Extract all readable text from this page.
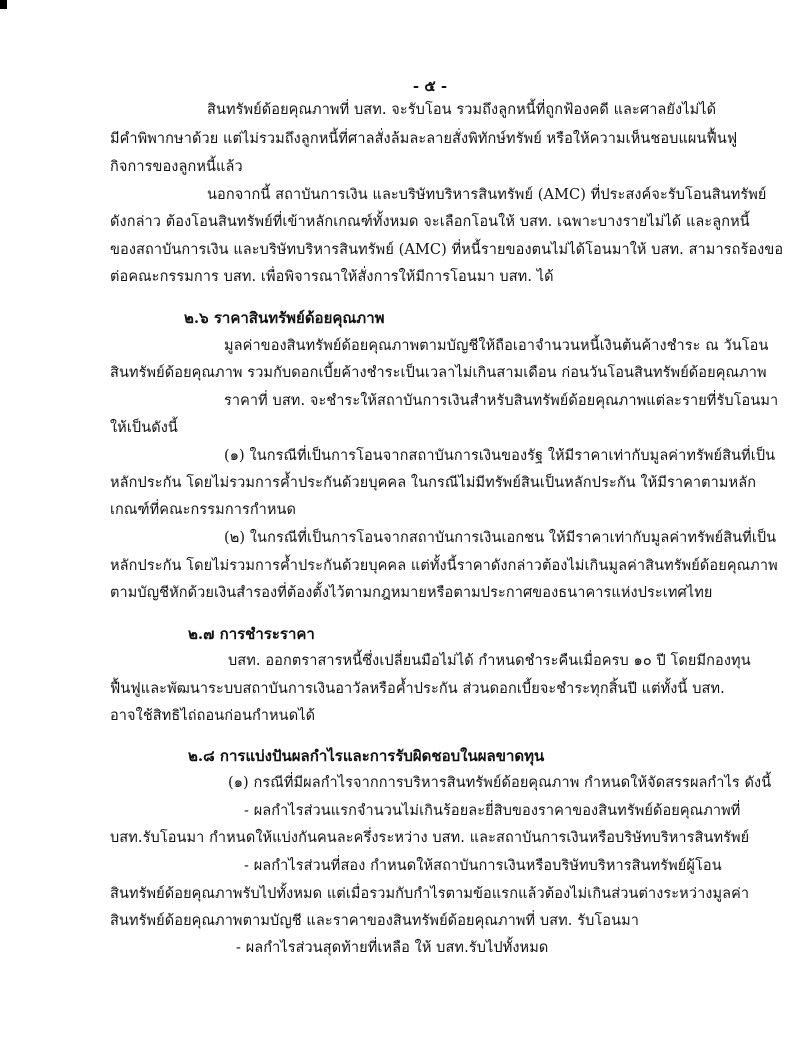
- ๕ -
สินทรัพย์ด้อยคุณภาพที่ บสท. จะรับโอน รวมถึงลูกหนี้ที่ถูกฟ้องคดี และศาลยังไม่ได้
มีคำพิพากษาด้วย แต่ไม่รวมถึงลูกหนี้ที่ศาลสั่งล้มละลายสั่งพิทักษ์ทรัพย์ หรือให้ความเห็นชอบแผนฟื้นฟู
กิจการของลูกหนี้แล้ว
นอกจากนี้ สถาบันการเงิน และบริษัทบริหารสินทรัพย์ (AMC) ที่ประสงค์จะรับโอนสินทรัพย์
ดังกล่าว ต้องโอนสินทรัพย์ที่เข้าหลักเกณฑ์ทั้งหมด จะเลือกโอนให้ บสท. เฉพาะบางรายไม่ได้ และลูกหนี้
ของสถาบันการเงิน และบริษัทบริหารสินทรัพย์ (AMC) ที่หนี้รายของตนไม่ได้โอนมาให้ บสท. สามารถร้องขอ
ต่อคณะกรรมการ บสท. เพื่อพิจารณาให้สั่งการให้มีการโอนมา บสท. ได้
๒.๖ ราคาสินทรัพย์ด้อยคุณภาพ
มูลค่าของสินทรัพย์ด้อยคุณภาพตามบัญชีให้ถือเอาจำนวนหนี้เงินต้นค้างชำระ ณ วันโอน
สินทรัพย์ด้อยคุณภาพ รวมกับดอกเบี้ยค้างชำระเป็นเวลาไม่เกินสามเดือน ก่อนวันโอนสินทรัพย์ด้อยคุณภาพ
ราคาที่ บสท. จะชำระให้สถาบันการเงินสำหรับสินทรัพย์ด้อยคุณภาพแต่ละรายที่รับโอนมา
ให้เป็นดังนี้
(๑) ในกรณีที่เป็นการโอนจากสถาบันการเงินของรัฐ ให้มีราคาเท่ากับมูลค่าทรัพย์สินที่เป็น
หลักประกัน โดยไม่รวมการค้ำประกันด้วยบุคคล ในกรณีไม่มีทรัพย์สินเป็นหลักประกัน ให้มีราคาตามหลัก
เกณฑ์ที่คณะกรรมการกำหนด
(๒) ในกรณีที่เป็นการโอนจากสถาบันการเงินเอกชน ให้มีราคาเท่ากับมูลค่าทรัพย์สินที่เป็น
หลักประกัน โดยไม่รวมการค้ำประกันด้วยบุคคล แต่ทั้งนี้ราคาดังกล่าวต้องไม่เกินมูลค่าสินทรัพย์ด้อยคุณภาพ
ตามบัญชีหักด้วยเงินสำรองที่ต้องตั้งไว้ตามกฎหมายหรือตามประกาศของธนาคารแห่งประเทศไทย
๒.๗ การชำระราคา
บสท. ออกตราสารหนี้ซึ่งเปลี่ยนมือไม่ได้ กำหนดชำระคืนเมื่อครบ ๑๐ ปี โดยมีกองทุน
ฟื้นฟูและพัฒนาระบบสถาบันการเงินอาวัลหรือค้ำประกัน ส่วนดอกเบี้ยจะชำระทุกสิ้นปี แต่ทั้งนี้ บสท.
อาจใช้สิทธิไถ่ถอนก่อนกำหนดได้
๒.๘ การแบ่งปันผลกำไรและการรับผิดชอบในผลขาดทุน
(๑) กรณีที่มีผลกำไรจากการบริหารสินทรัพย์ด้อยคุณภาพ กำหนดให้จัดสรรผลกำไร ดังนี้
- ผลกำไรส่วนแรกจำนวนไม่เกินร้อยละยี่สิบของราคาของสินทรัพย์ด้อยคุณภาพที่
บสท.รับโอนมา กำหนดให้แบ่งกันคนละครึ่งระหว่าง บสท. และสถาบันการเงินหรือบริษัทบริหารสินทรัพย์
- ผลกำไรส่วนที่สอง กำหนดให้สถาบันการเงินหรือบริษัทบริหารสินทรัพย์ผู้โอน
สินทรัพย์ด้อยคุณภาพรับไปทั้งหมด แต่เมื่อรวมกับกำไรตามข้อแรกแล้วต้องไม่เกินส่วนต่างระหว่างมูลค่า
สินทรัพย์ด้อยคุณภาพตามบัญชี และราคาของสินทรัพย์ด้อยคุณภาพที่ บสท. รับโอนมา
- ผลกำไรส่วนสุดท้ายที่เหลือ ให้ บสท.รับไปทั้งหมด
